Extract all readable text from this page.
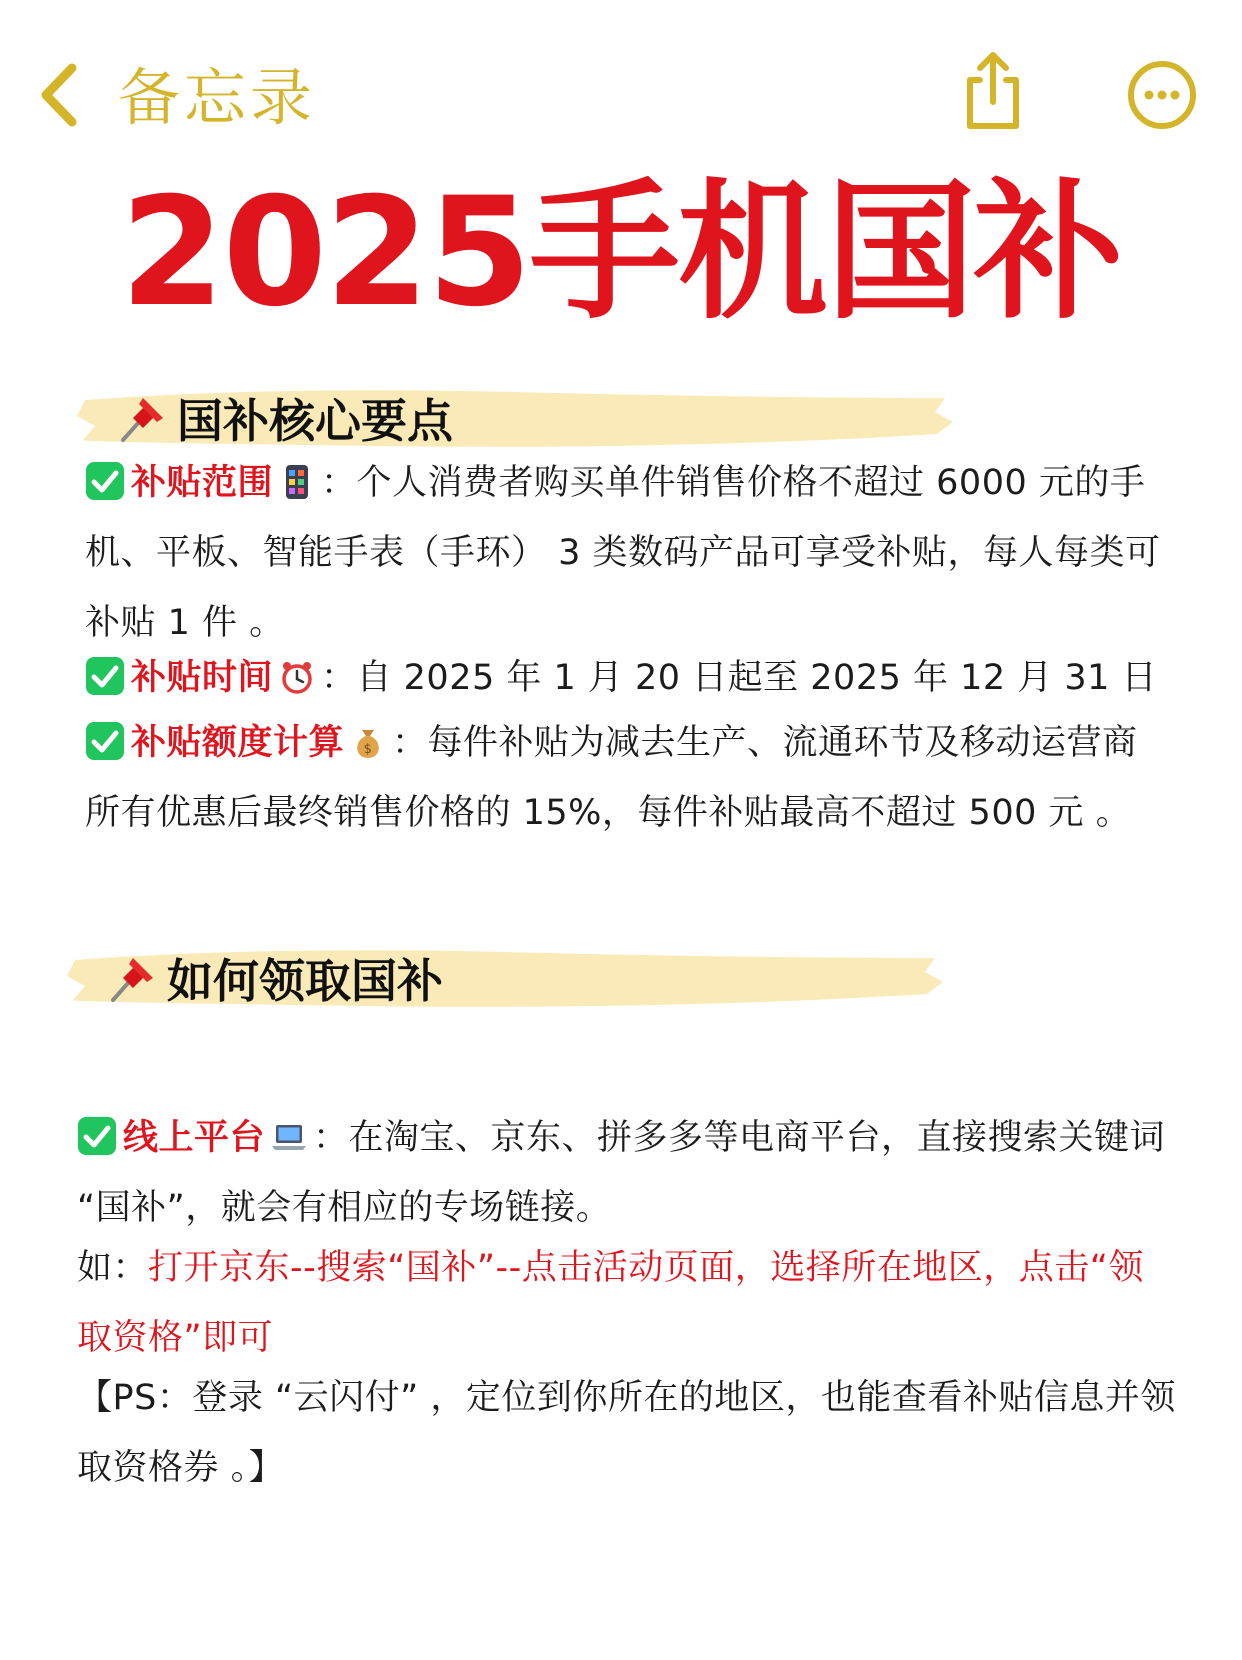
备忘录
2025手机国补
国补核心要点
补贴范围 ：个人消费者购买单件销售价格不超过 6000 元的手机、平板、智能手表（手环） 3 类数码产品可享受补贴，每人每类可补贴 1 件 。
补贴时间 ：自 2025 年 1 月 20 日起至 2025 年 12 月 31 日
补贴额度计算 $ ：每件补贴为减去生产、流通环节及移动运营商所有优惠后最终销售价格的 15%，每件补贴最高不超过 500 元 。
如何领取国补
线上平台 ：在淘宝、京东、拼多多等电商平台，直接搜索关键词 “国补”，就会有相应的专场链接。
如：打开京东--搜索“国补”--点击活动页面，选择所在地区，点击“领取资格”即可
【PS：登录 “云闪付” ，定位到你所在的地区，也能查看补贴信息并领取资格券 。】
